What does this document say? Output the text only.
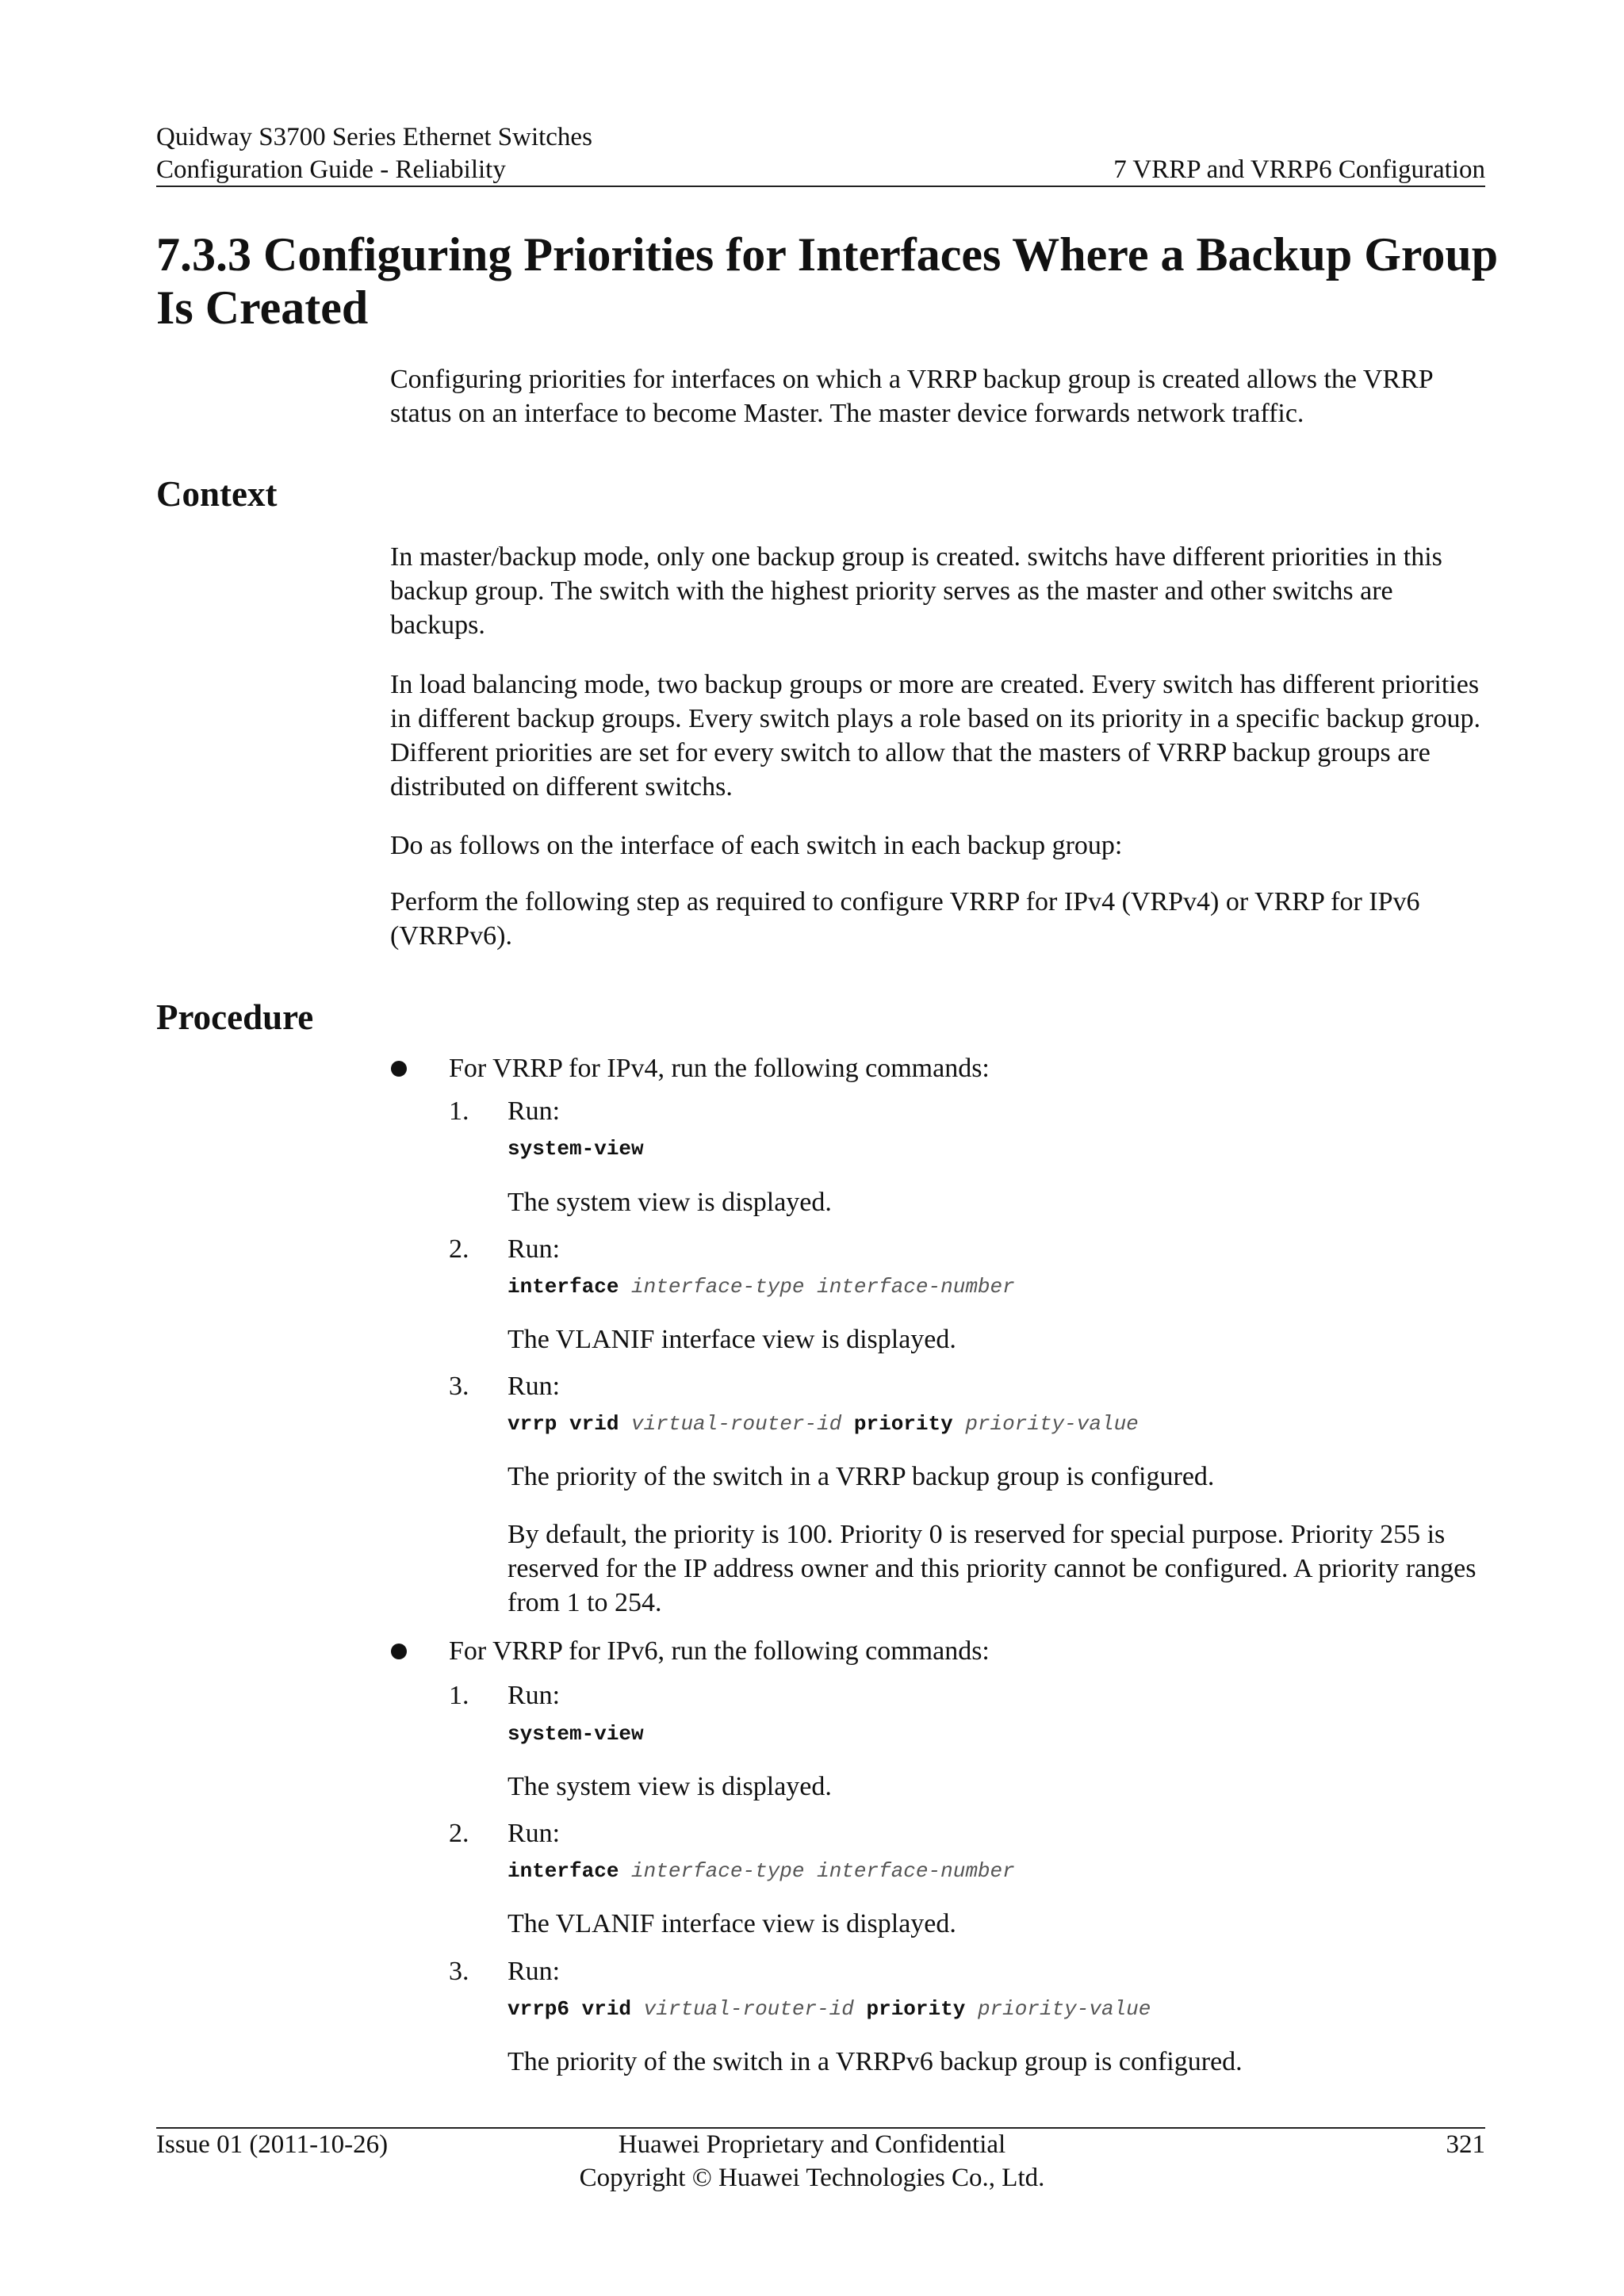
Quidway S3700 Series Ethernet Switches
Configuration Guide - Reliability	7 VRRP and VRRP6 Configuration
7.3.3 Configuring Priorities for Interfaces Where a Backup Group Is Created

Configuring priorities for interfaces on which a VRRP backup group is created allows the VRRP status on an interface to become Master. The master device forwards network traffic.

Context

In master/backup mode, only one backup group is created. switchs have different priorities in this backup group. The switch with the highest priority serves as the master and other switchs are backups.

In load balancing mode, two backup groups or more are created. Every switch has different priorities in different backup groups. Every switch plays a role based on its priority in a specific backup group. Different priorities are set for every switch to allow that the masters of VRRP backup groups are distributed on different switchs.

Do as follows on the interface of each switch in each backup group:

Perform the following step as required to configure VRRP for IPv4 (VRPv4) or VRRP for IPv6 (VRRPv6).

Procedure
For VRRP for IPv4, run the following commands:
1. Run:
system-view
The system view is displayed.
2. Run:
interface interface-type interface-number
The VLANIF interface view is displayed.
3. Run:
vrrp vrid virtual-router-id priority priority-value
The priority of the switch in a VRRP backup group is configured.
By default, the priority is 100. Priority 0 is reserved for special purpose. Priority 255 is reserved for the IP address owner and this priority cannot be configured. A priority ranges from 1 to 254.
For VRRP for IPv6, run the following commands:
1. Run:
system-view
The system view is displayed.
2. Run:
interface interface-type interface-number
The VLANIF interface view is displayed.
3. Run:
vrrp6 vrid virtual-router-id priority priority-value
The priority of the switch in a VRRPv6 backup group is configured.
Issue 01 (2011-10-26)	Huawei Proprietary and Confidential
Copyright © Huawei Technologies Co., Ltd.
321
